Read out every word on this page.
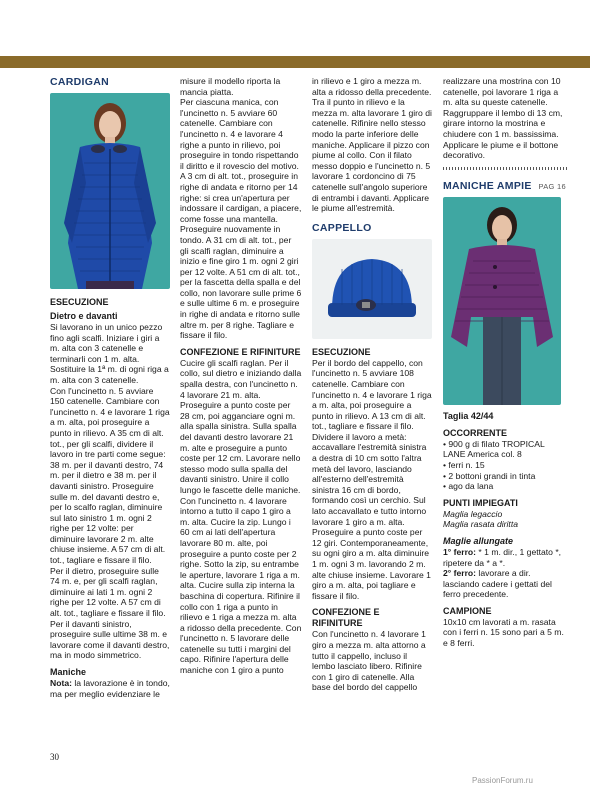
CARDIGAN

ESECUZIONE

Dietro e davanti

Si lavorano in un unico pezzo fino agli scalfi. Iniziare i giri a m. alta con 3 catenelle e terminarli con 1 m. alta. Sostituire la 1ª m. di ogni riga a m. alta con 3 catenelle.

Con l'uncinetto n. 5 avviare 150 catenelle. Cambiare con l'uncinetto n. 4 e lavorare 1 riga a m. alta, poi proseguire a punto in rilievo. A 35 cm di alt. tot., per gli scalfi, dividere il lavoro in tre parti come segue: 38 m. per il davanti destro, 74 m. per il dietro e 38 m. per il davanti sinistro. Proseguire sulle m. del davanti destro e, per lo scalfo raglan, diminuire sul lato sinistro 1 m. ogni 2 righe per 12 volte: per diminuire lavorare 2 m. alte chiuse insieme. A 57 cm di alt. tot., tagliare e fissare il filo.

Per il dietro, proseguire sulle 74 m. e, per gli scalfi raglan, diminuire ai lati 1 m. ogni 2 righe per 12 volte. A 57 cm di alt. tot., tagliare e fissare il filo. Per il davanti sinistro, proseguire sulle ultime 38 m. e lavorare come il davanti destro, ma in modo simmetrico.

Maniche

Nota: la lavorazione è in tondo, ma per meglio evidenziare le

misure il modello riporta la mancia piatta.

Per ciascuna manica, con l'uncinetto n. 5 avviare 60 catenelle. Cambiare con l'uncinetto n. 4 e lavorare 4 righe a punto in rilievo, poi proseguire in tondo rispettando il diritto e il rovescio del motivo. A 3 cm di alt. tot., proseguire in righe di andata e ritorno per 14 righe: si crea un'apertura per indossare il cardigan, a piacere, come fosse una mantella. Proseguire nuovamente in tondo. A 31 cm di alt. tot., per gli scalfi raglan, diminuire a inizio e fine giro 1 m. ogni 2 giri per 12 volte. A 51 cm di alt. tot., per la fascetta della spalla e del collo, non lavorare sulle prime 6 e sulle ultime 6 m. e proseguire in righe di andata e ritorno sulle altre m. per 8 righe. Tagliare e fissare il filo.

CONFEZIONE E RIFINITURE

Cucire gli scalfi raglan. Per il collo, sul dietro e iniziando dalla spalla destra, con l'uncinetto n. 4 lavorare 21 m. alta. Proseguire a punto coste per 28 cm, poi agganciare ogni m. alla spalla sinistra. Sulla spalla del davanti destro lavorare 21 m. alte e proseguire a punto coste per 12 cm. Lavorare nello stesso modo sulla spalla del davanti sinistro. Unire il collo lungo le fascette delle maniche. Con l'uncinetto n. 4 lavorare intorno a tutto il capo 1 giro a m. alta. Cucire la zip. Lungo i 60 cm ai lati dell'apertura lavorare 80 m. alte, poi proseguire a punto coste per 2 righe. Sotto la zip, su entrambe le aperture, lavorare 1 riga a m. alta. Cucire sulla zip interna la baschina di copertura. Rifinire il collo con 1 riga a punto in rilievo e 1 riga a mezza m. alta a ridosso della precedente. Con l'uncinetto n. 5 lavorare delle catenelle su tutti i margini del capo. Rifinire l'apertura delle maniche con 1 giro a punto

in rilievo e 1 giro a mezza m. alta a ridosso della precedente. Tra il punto in rilievo e la mezza m. alta lavorare 1 giro di catenelle. Rifinire nello stesso modo la parte inferiore delle maniche. Applicare il pizzo con piume al collo. Con il filato messo doppio e l'uncinetto n. 5 lavorare 1 cordoncino di 75 catenelle sull'angolo superiore di entrambi i davanti. Applicare le piume all'estremità.

CAPPELLO

ESECUZIONE

Per il bordo del cappello, con l'uncinetto n. 5 avviare 108 catenelle. Cambiare con l'uncinetto n. 4 e lavorare 1 riga a m. alta, poi proseguire a punto in rilievo. A 13 cm di alt. tot., tagliare e fissare il filo. Dividere il lavoro a metà: accavallare l'estremità sinistra a destra di 10 cm sotto l'altra metà del lavoro, lasciando all'esterno dell'estremità sinistra 16 cm di bordo, formando così un cerchio. Sul lato accavallato e tutto intorno lavorare 1 giro a m. alta. Proseguire a punto coste per 12 giri. Contemporaneamente, su ogni giro a m. alta diminuire 1 m. ogni 3 m. lavorando 2 m. alte chiuse insieme. Lavorare 1 giro a m. alta, poi tagliare e fissare il filo.

CONFEZIONE E RIFINITURE

Con l'uncinetto n. 4 lavorare 1 giro a mezza m. alta attorno a tutto il cappello, incluso il lembo lasciato libero. Rifinire con 1 giro di catenelle. Alla base del bordo del cappello

realizzare una mostrina con 10 catenelle, poi lavorare 1 riga a m. alta su queste catenelle. Raggruppare il lembo di 13 cm, girare intorno la mostrina e chiudere con 1 m. bassissima. Applicare le piume e il bottone decorativo.

MANICHE AMPIE PAG 16

Taglia 42/44

OCCORRENTE

• 900 g di filato TROPICAL LANE America col. 8
• ferri n. 15
• 2 bottoni grandi in tinta
• ago da lana

PUNTI IMPIEGATI

Maglia legaccio

Maglia rasata diritta

Maglie allungate

1° ferro: * 1 m. dir., 1 gettato *, ripetere da * a *.

2° ferro: lavorare a dir. lasciando cadere i gettati del ferro precedente.

CAMPIONE

10x10 cm lavorati a m. rasata con i ferri n. 15 sono pari a 5 m. e 8 ferri.

30
PassionForum.ru
